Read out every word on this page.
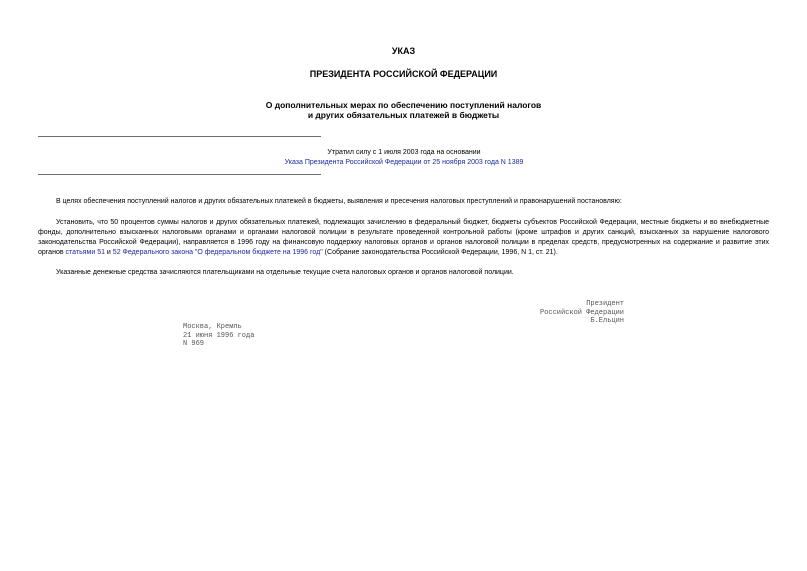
УКАЗ
ПРЕЗИДЕНТА РОССИЙСКОЙ ФЕДЕРАЦИИ
О дополнительных мерах по обеспечению поступлений налогов
и других обязательных платежей в бюджеты
Утратил силу с 1 июля 2003 года на основании
Указа Президента Российской Федерации от 25 ноября 2003 года N 1389
В целях обеспечения поступлений налогов и других обязательных платежей в бюджеты, выявления и пресечения налоговых преступлений и правонарушений постановляю:
Установить, что 50 процентов суммы налогов и других обязательных платежей, подлежащих зачислению в федеральный бюджет, бюджеты субъектов Российской Федерации, местные бюджеты и во внебюджетные фонды, дополнительно взысканных налоговыми органами и органами налоговой полиции в результате проведенной контрольной работы (кроме штрафов и других санкций, взысканных за нарушение налогового законодательства Российской Федерации), направляется в 1996 году на финансовую поддержку налоговых органов и органов налоговой полиции в пределах средств, предусмотренных на содержание и развитие этих органов статьями 51 и 52 Федерального закона "О федеральном бюджете на 1996 год" (Собрание законодательства Российской Федерации, 1996, N 1, ст. 21).
Указанные денежные средства зачисляются плательщиками на отдельные текущие счета налоговых органов и органов налоговой полиции.
Президент
Российской Федерации
Б.Ельцин
Москва, Кремль
21 июня 1996 года
N 969
